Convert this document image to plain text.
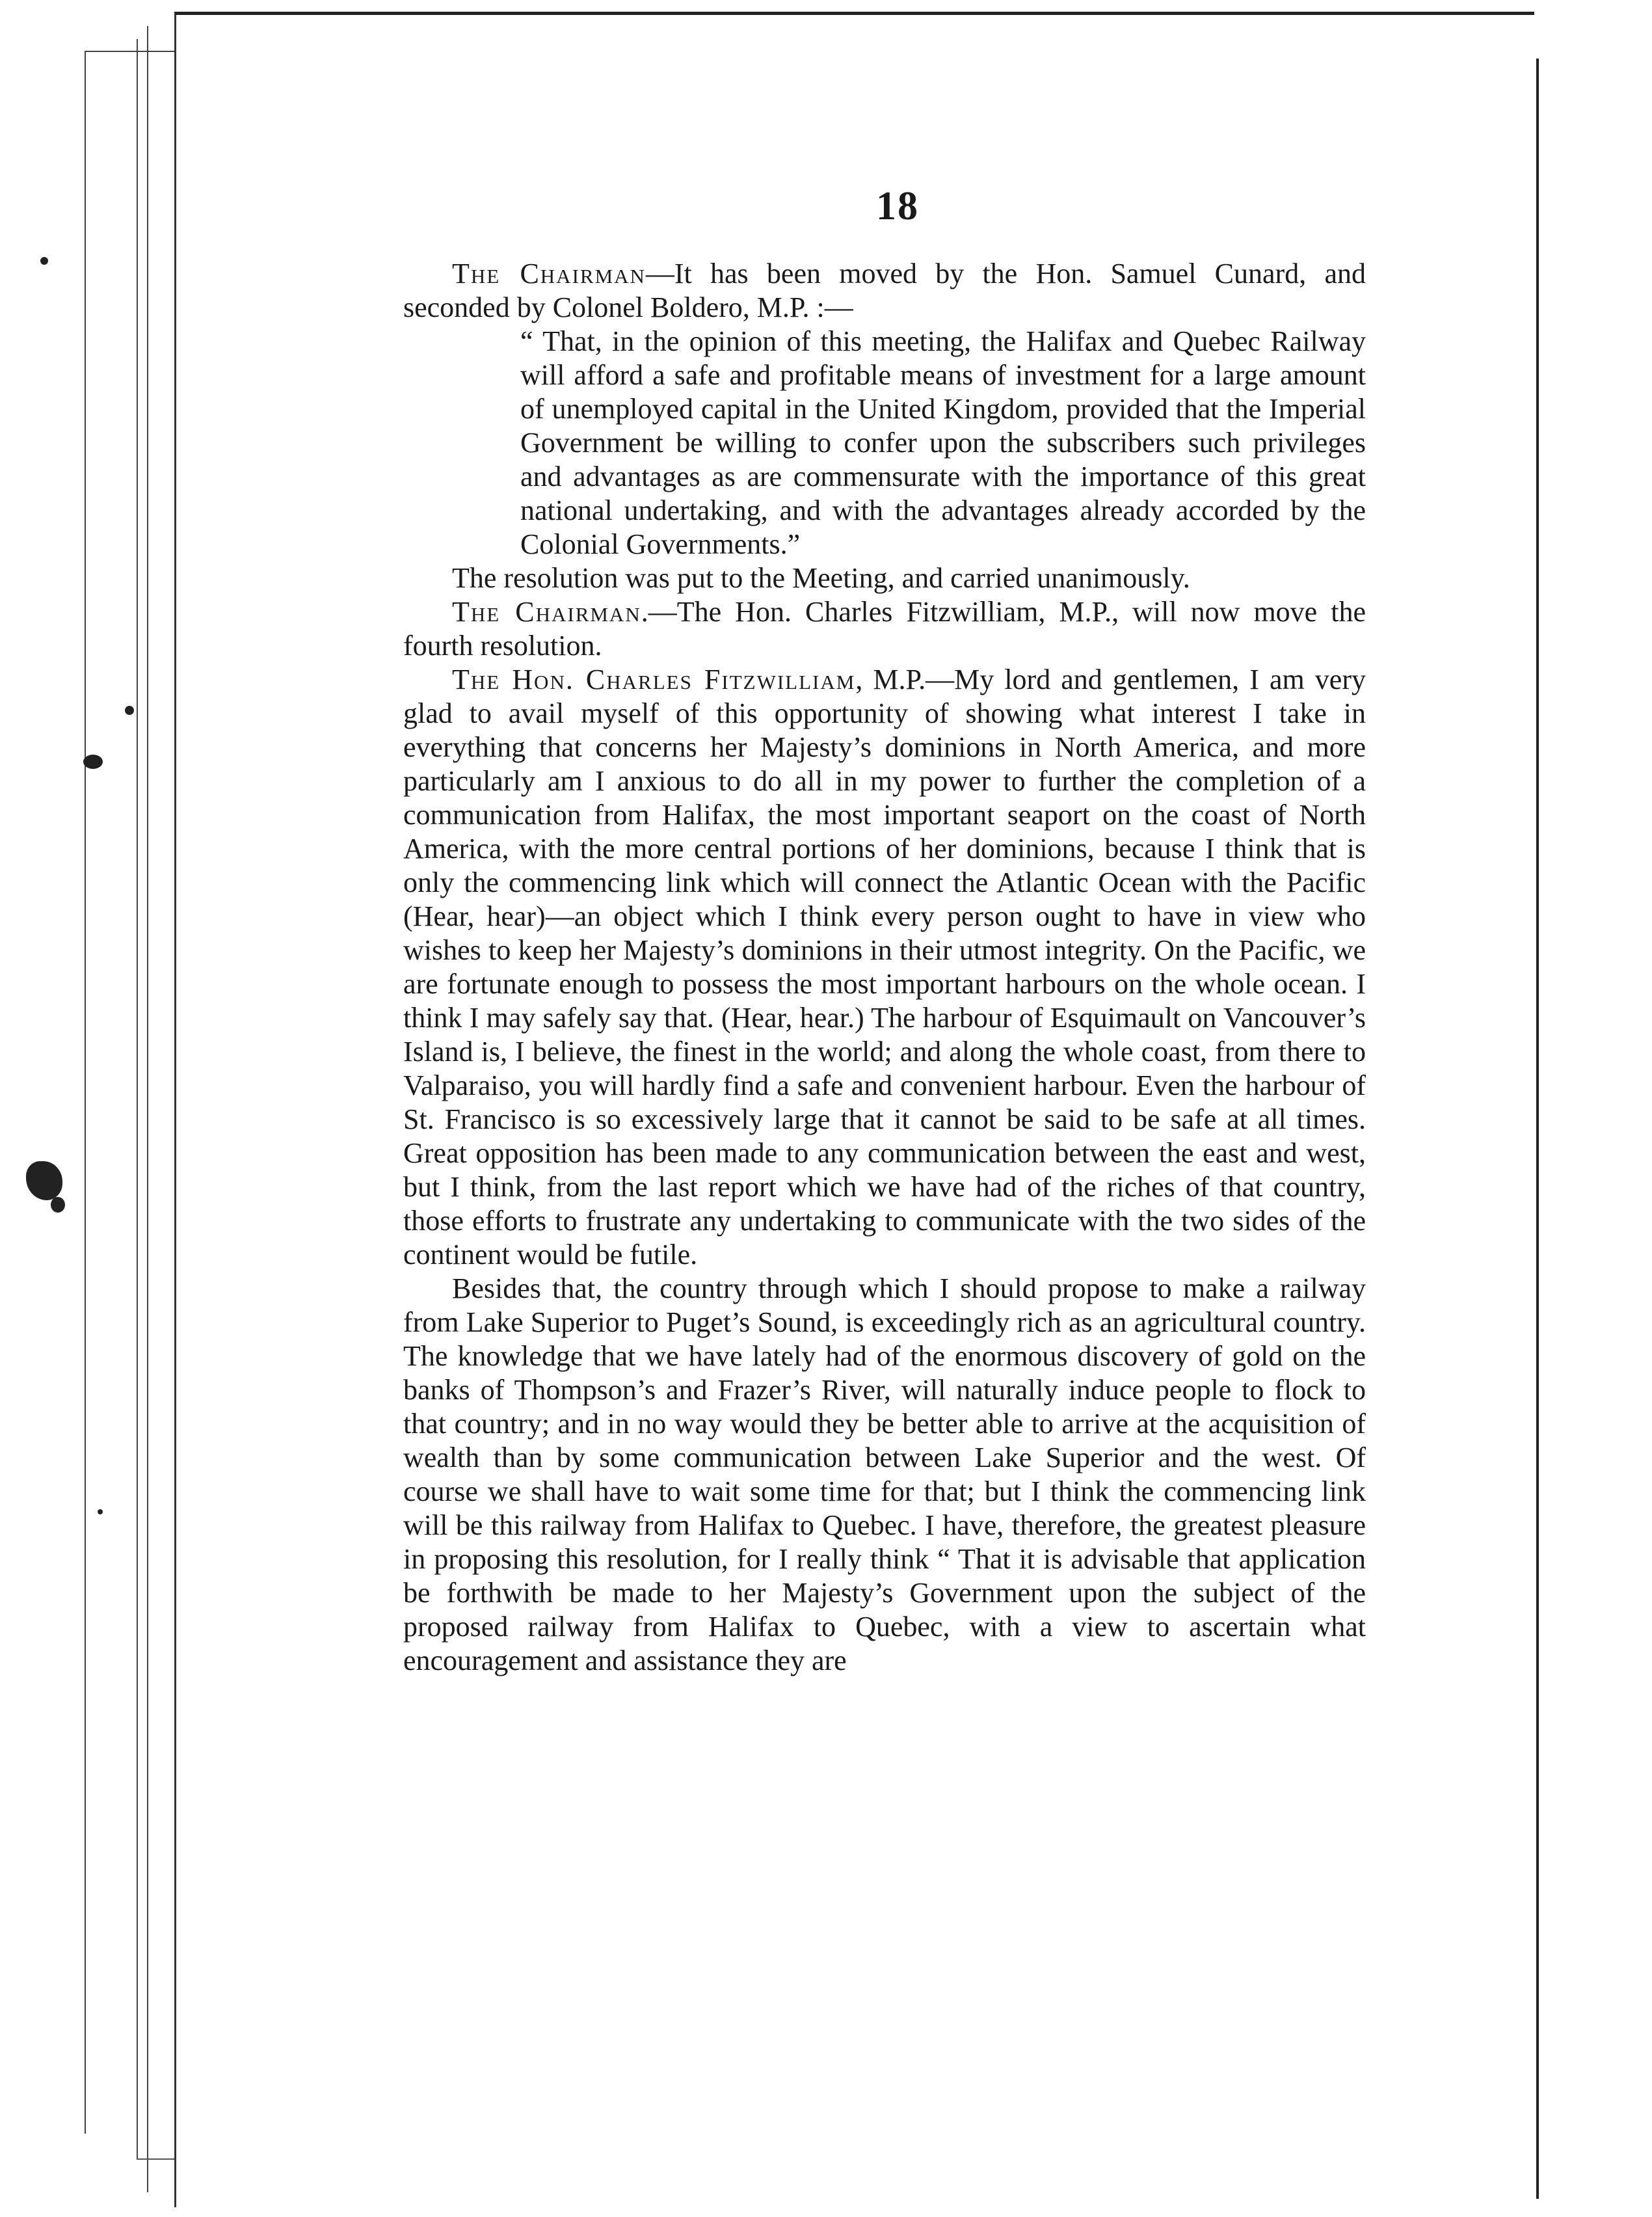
18

The Chairman—It has been moved by the Hon. Samuel Cunard, and seconded by Colonel Boldero, M.P. :—

“ That, in the opinion of this meeting, the Halifax and Quebec Railway will afford a safe and profitable means of investment for a large amount of unemployed capital in the United Kingdom, provided that the Imperial Government be willing to confer upon the subscribers such privileges and advantages as are commensurate with the importance of this great national undertaking, and with the advantages already accorded by the Colonial Governments.”

The resolution was put to the Meeting, and carried unanimously.

The Chairman.—The Hon. Charles Fitzwilliam, M.P., will now move the fourth resolution.

The Hon. Charles Fitzwilliam, M.P.—My lord and gentlemen, I am very glad to avail myself of this opportunity of showing what interest I take in everything that concerns her Majesty’s dominions in North America, and more particularly am I anxious to do all in my power to further the completion of a communication from Halifax, the most important seaport on the coast of North America, with the more central portions of her dominions, because I think that is only the commencing link which will connect the Atlantic Ocean with the Pacific (Hear, hear)—an object which I think every person ought to have in view who wishes to keep her Majesty’s dominions in their utmost integrity. On the Pacific, we are fortunate enough to possess the most important harbours on the whole ocean. I think I may safely say that. (Hear, hear.) The harbour of Esquimault on Vancouver’s Island is, I believe, the finest in the world; and along the whole coast, from there to Valparaiso, you will hardly find a safe and convenient harbour. Even the harbour of St. Francisco is so excessively large that it cannot be said to be safe at all times. Great opposition has been made to any communication between the east and west, but I think, from the last report which we have had of the riches of that country, those efforts to frustrate any undertaking to communicate with the two sides of the continent would be futile.

Besides that, the country through which I should propose to make a railway from Lake Superior to Puget’s Sound, is exceedingly rich as an agricultural country. The knowledge that we have lately had of the enormous discovery of gold on the banks of Thompson’s and Frazer’s River, will naturally induce people to flock to that country; and in no way would they be better able to arrive at the acquisition of wealth than by some communication between Lake Superior and the west. Of course we shall have to wait some time for that; but I think the commencing link will be this railway from Halifax to Quebec. I have, therefore, the greatest pleasure in proposing this resolution, for I really think “ That it is advisable that application be forthwith be made to her Majesty’s Government upon the subject of the proposed railway from Halifax to Quebec, with a view to ascertain what encouragement and assistance they are
